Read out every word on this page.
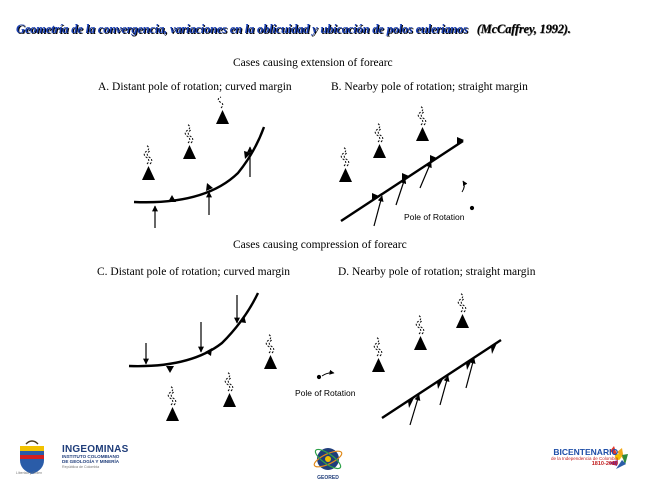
Geometría de la convergencia, variaciones en la oblicuidad y ubicación de polos eulerianos (McCaffrey, 1992).
Cases causing extension of forearc
A. Distant pole of rotation; curved margin	B. Nearby pole of rotation; straight margin
Cases causing compression of forearc
C. Distant pole of rotation; curved margin	D. Nearby pole of rotation; straight margin
Pole of Rotation
Pole of Rotation
INGEOMINAS
INSTITUTO COLOMBIANO
DE GEOLOGÍA Y MINERÍA
República de Colombia
Libertad y Orden
GEORED
BICENTENARIO
de la Independencia de Colombia
1810-2010
